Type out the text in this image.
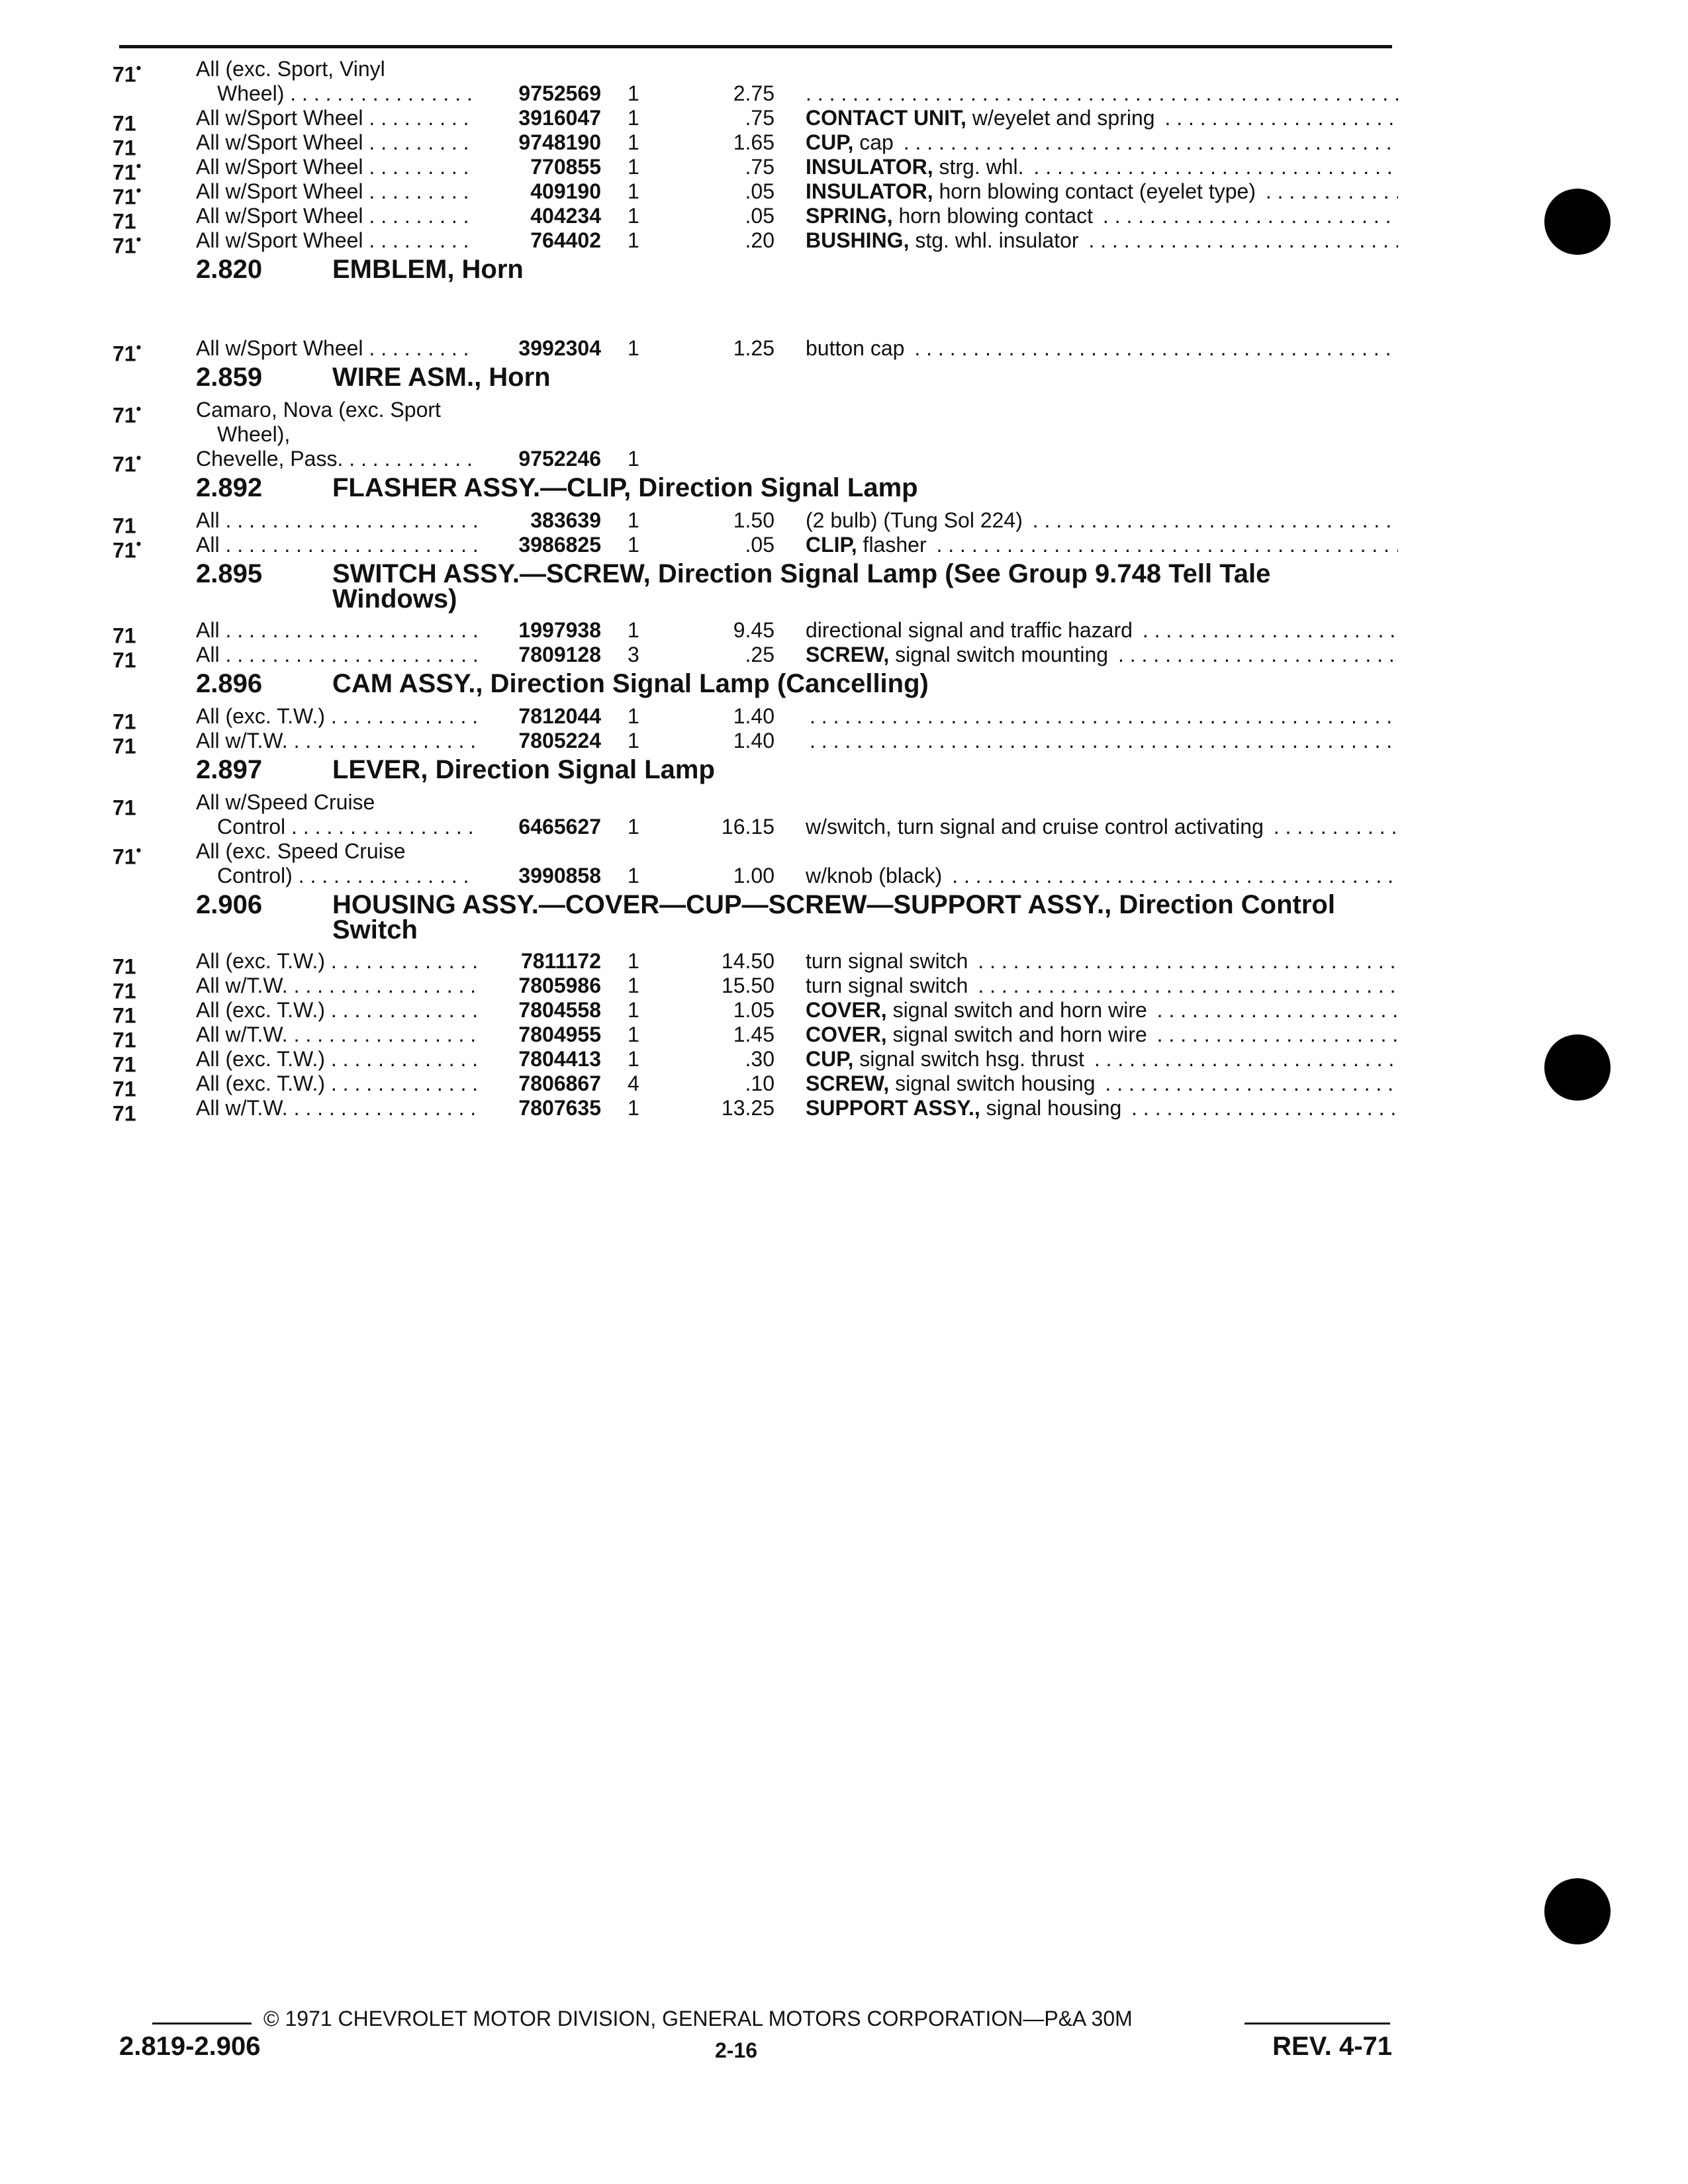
71•	All (exc. Sport, Vinyl
Wheel) . . .	9752569 1	2.75
. . .
71	All w/Sport Wheel . . .	3916047 1	.75 CONTACT UNIT, w/eyelet and spring . . .
71	All w/Sport Wheel . . .	9748190 1	1.65 CUP, cap . . .
71•	All w/Sport Wheel . . .	770855 1	.75 INSULATOR, strg. whl. . . .
71•	All w/Sport Wheel . . .	409190 1	.05 INSULATOR, horn blowing contact (eyelet type) . . .
71	All w/Sport Wheel . . .	404234 1	.05 SPRING, horn blowing contact . . .
71•	All w/Sport Wheel . . .	764402 1	.20 BUSHING, stg. whl. insulator . . .
2.820	EMBLEM, Horn
71•	All w/Sport Wheel . . .	3992304 1	1.25 button cap . . .
2.859	WIRE ASM., Horn
71•	Camaro, Nova (exc. Sport
Wheel),
71•	Chevelle, Pass. . . .	9752246 1
2.892	FLASHER ASSY.—CLIP, Direction Signal Lamp
71	All . . .	383639 1	1.50 (2 bulb) (Tung Sol 224) . . .
71•	All . . .	3986825 1	.05 CLIP, flasher . . .
2.895	SWITCH ASSY.—SCREW, Direction Signal Lamp (See Group 9.748 Tell Tale Windows)
71	All . . .	1997938 1	9.45 directional signal and traffic hazard . . .
71	All . . .	7809128 3	.25 SCREW, signal switch mounting . . .
2.896	CAM ASSY., Direction Signal Lamp (Cancelling)
71	All (exc. T.W.) . . .	7812044 1	1.40
. . .
71	All w/T.W. . . .	7805224 1	1.40
. . .
2.897	LEVER, Direction Signal Lamp
71	All w/Speed Cruise
Control . . .	6465627 1	16.15 w/switch, turn signal and cruise control activating . . .
71•	All (exc. Speed Cruise
Control) . . .	3990858 1	1.00 w/knob (black) . . .
2.906	HOUSING ASSY.—COVER—CUP—SCREW—SUPPORT ASSY., Direction Control Switch
71	All (exc. T.W.) . . .	7811172 1	14.50 turn signal switch . . .
71	All w/T.W. . . .	7805986 1	15.50 turn signal switch . . .
71	All (exc. T.W.) . . .	7804558 1	1.05 COVER, signal switch and horn wire . . .
71	All w/T.W. . . .	7804955 1	1.45 COVER, signal switch and horn wire . . .
71	All (exc. T.W.) . . .	7804413 1	.30 CUP, signal switch hsg. thrust . . .
71	All (exc. T.W.) . . .	7806867 4	.10 SCREW, signal switch housing . . .
71	All w/T.W. . . .	7807635 1	13.25 SUPPORT ASSY., signal housing . . .
© 1971 CHEVROLET MOTOR DIVISION, GENERAL MOTORS CORPORATION—P&A 30M
2.819-2.906	2-16	REV. 4-71
